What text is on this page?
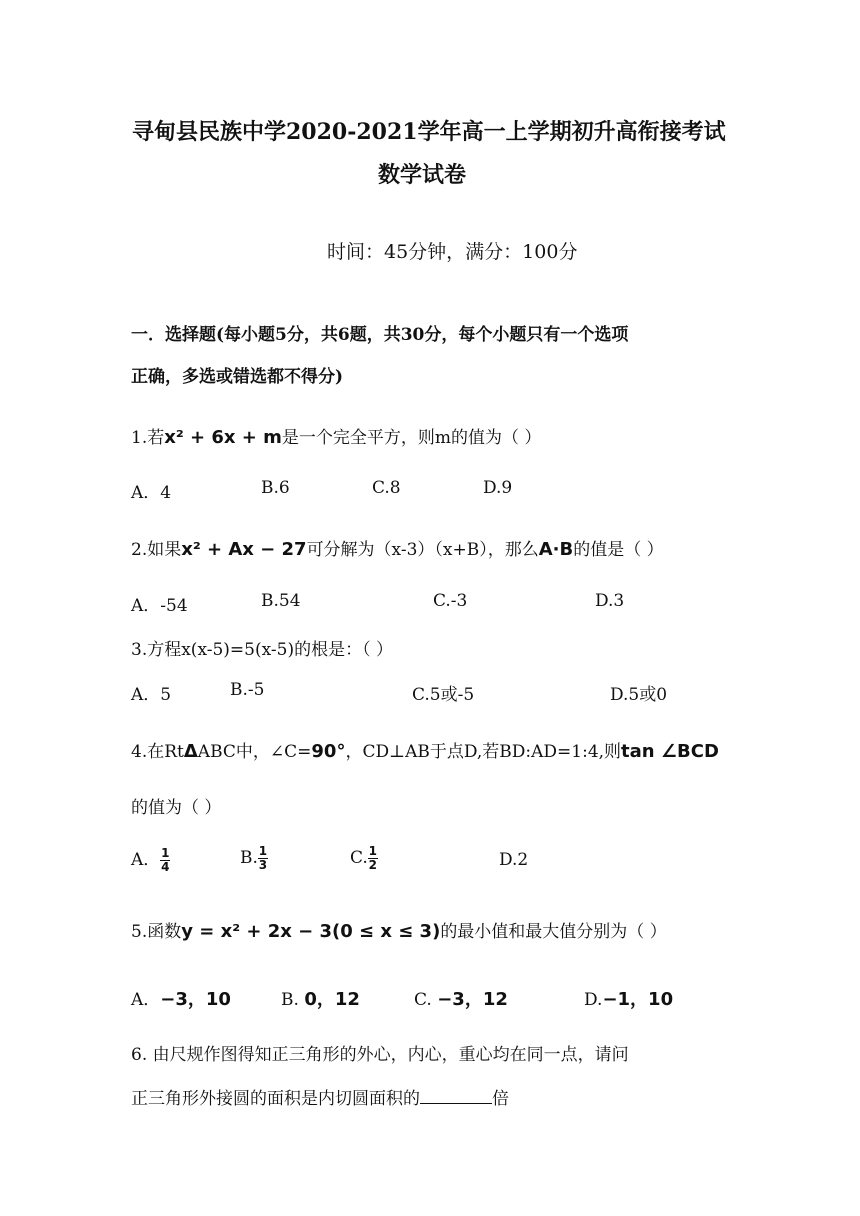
寻甸县民族中学2020-2021学年高一上学期初升高衔接考试
数学试卷
时间：45分钟，满分：100分
一．选择题(每小题5分，共6题，共30分，每个小题只有一个选项
正确，多选或错选都不得分)
1.若x² + 6x + m是一个完全平方，则m的值为（ ）
A．4	B.6	C.8	D.9
2.如果x² + Ax − 27可分解为（x-3）（x+B），那么A·B的值是（ ）
A．-54	B.54	C.-3	D.3
3.方程x(x-5)=5(x-5)的根是：（ ）
A．5	B.-5	C.5或-5	D.5或0
4.在RtΔABC中，∠C=90°，CD⊥AB于点D,若BD:AD=1:4,则tan ∠BCD
的值为（ ）
A． $\frac{1}{4}$	B. $\frac{1}{3}$	C. $\frac{1}{2}$	D.2
5.函数y = x² + 2x − 3(0 ≤ x ≤ 3)的最小值和最大值分别为（ ）
A．−3，10	B. 0，12	C. −3，12	D.−1，10
6. 由尺规作图得知正三角形的外心，内心，重心均在同一点，请问
正三角形外接圆的面积是内切圆面积的	倍
